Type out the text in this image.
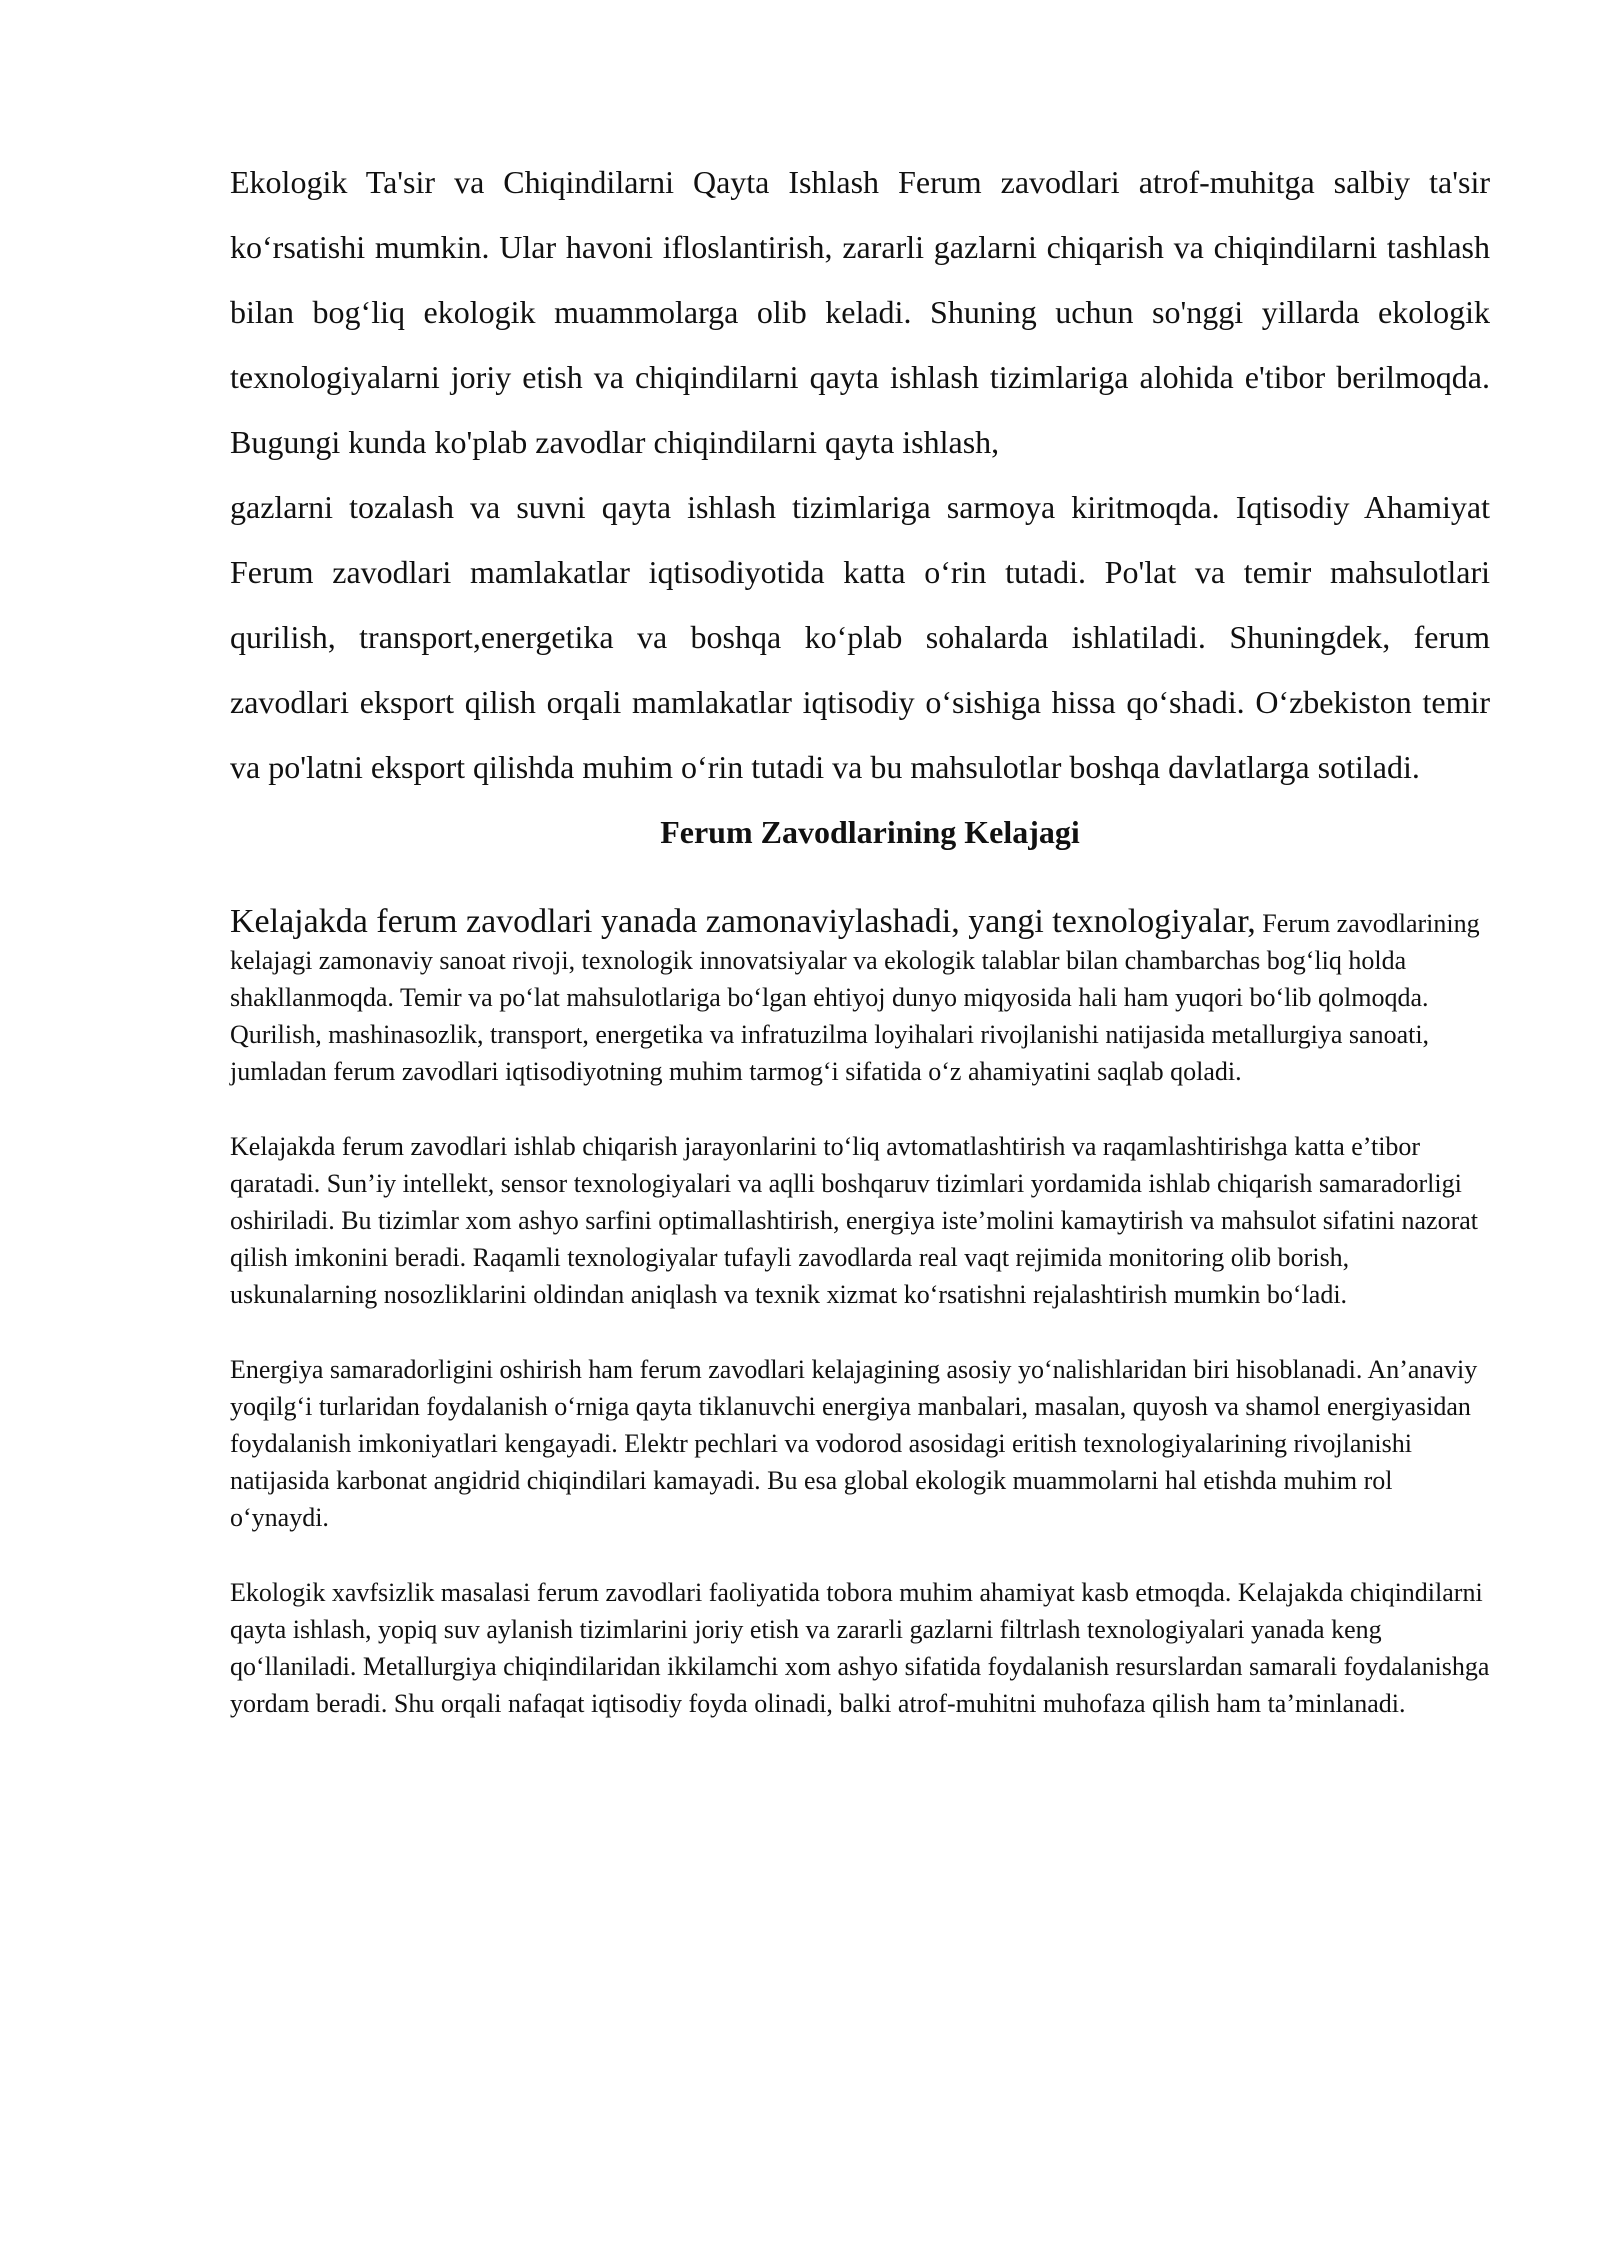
Ekologik Ta'sir va Chiqindilarni Qayta Ishlash Ferum zavodlari atrof-muhitga salbiy ta'sir ko‘rsatishi mumkin. Ular havoni ifloslantirish, zararli gazlarni chiqarish va chiqindilarni tashlash bilan bog‘liq ekologik muammolarga olib keladi. Shuning uchun so'nggi yillarda ekologik texnologiyalarni joriy etish va chiqindilarni qayta ishlash tizimlariga alohida e'tibor berilmoqda. Bugungi kunda ko'plab zavodlar chiqindilarni qayta ishlash,

gazlarni tozalash va suvni qayta ishlash tizimlariga sarmoya kiritmoqda. Iqtisodiy Ahamiyat Ferum zavodlari mamlakatlar iqtisodiyotida katta o‘rin tutadi. Po'lat va temir mahsulotlari qurilish, transport,energetika va boshqa ko‘plab sohalarda ishlatiladi. Shuningdek, ferum zavodlari eksport qilish orqali mamlakatlar iqtisodiy o‘sishiga hissa qo‘shadi. O‘zbekiston temir va po'latni eksport qilishda muhim o‘rin tutadi va bu mahsulotlar boshqa davlatlarga sotiladi.

Ferum Zavodlarining Kelajagi

Kelajakda ferum zavodlari yanada zamonaviylashadi, yangi texnologiyalar, Ferum zavodlarining kelajagi zamonaviy sanoat rivoji, texnologik innovatsiyalar va ekologik talablar bilan chambarchas bog‘liq holda shakllanmoqda. Temir va po‘lat mahsulotlariga bo‘lgan ehtiyoj dunyo miqyosida hali ham yuqori bo‘lib qolmoqda. Qurilish, mashinasozlik, transport, energetika va infratuzilma loyihalari rivojlanishi natijasida metallurgiya sanoati, jumladan ferum zavodlari iqtisodiyotning muhim tarmog‘i sifatida o‘z ahamiyatini saqlab qoladi.

Kelajakda ferum zavodlari ishlab chiqarish jarayonlarini to‘liq avtomatlashtirish va raqamlashtirishga katta e’tibor qaratadi. Sun’iy intellekt, sensor texnologiyalari va aqlli boshqaruv tizimlari yordamida ishlab chiqarish samaradorligi oshiriladi. Bu tizimlar xom ashyo sarfini optimallashtirish, energiya iste’molini kamaytirish va mahsulot sifatini nazorat qilish imkonini beradi. Raqamli texnologiyalar tufayli zavodlarda real vaqt rejimida monitoring olib borish, uskunalarning nosozliklarini oldindan aniqlash va texnik xizmat ko‘rsatishni rejalashtirish mumkin bo‘ladi.

Energiya samaradorligini oshirish ham ferum zavodlari kelajagining asosiy yo‘nalishlaridan biri hisoblanadi. An’anaviy yoqilg‘i turlaridan foydalanish o‘rniga qayta tiklanuvchi energiya manbalari, masalan, quyosh va shamol energiyasidan foydalanish imkoniyatlari kengayadi. Elektr pechlari va vodorod asosidagi eritish texnologiyalarining rivojlanishi natijasida karbonat angidrid chiqindilari kamayadi. Bu esa global ekologik muammolarni hal etishda muhim rol o‘ynaydi.

Ekologik xavfsizlik masalasi ferum zavodlari faoliyatida tobora muhim ahamiyat kasb etmoqda. Kelajakda chiqindilarni qayta ishlash, yopiq suv aylanish tizimlarini joriy etish va zararli gazlarni filtrlash texnologiyalari yanada keng qo‘llaniladi. Metallurgiya chiqindilaridan ikkilamchi xom ashyo sifatida foydalanish resurslardan samarali foydalanishga yordam beradi. Shu orqali nafaqat iqtisodiy foyda olinadi, balki atrof-muhitni muhofaza qilish ham ta’minlanadi.
